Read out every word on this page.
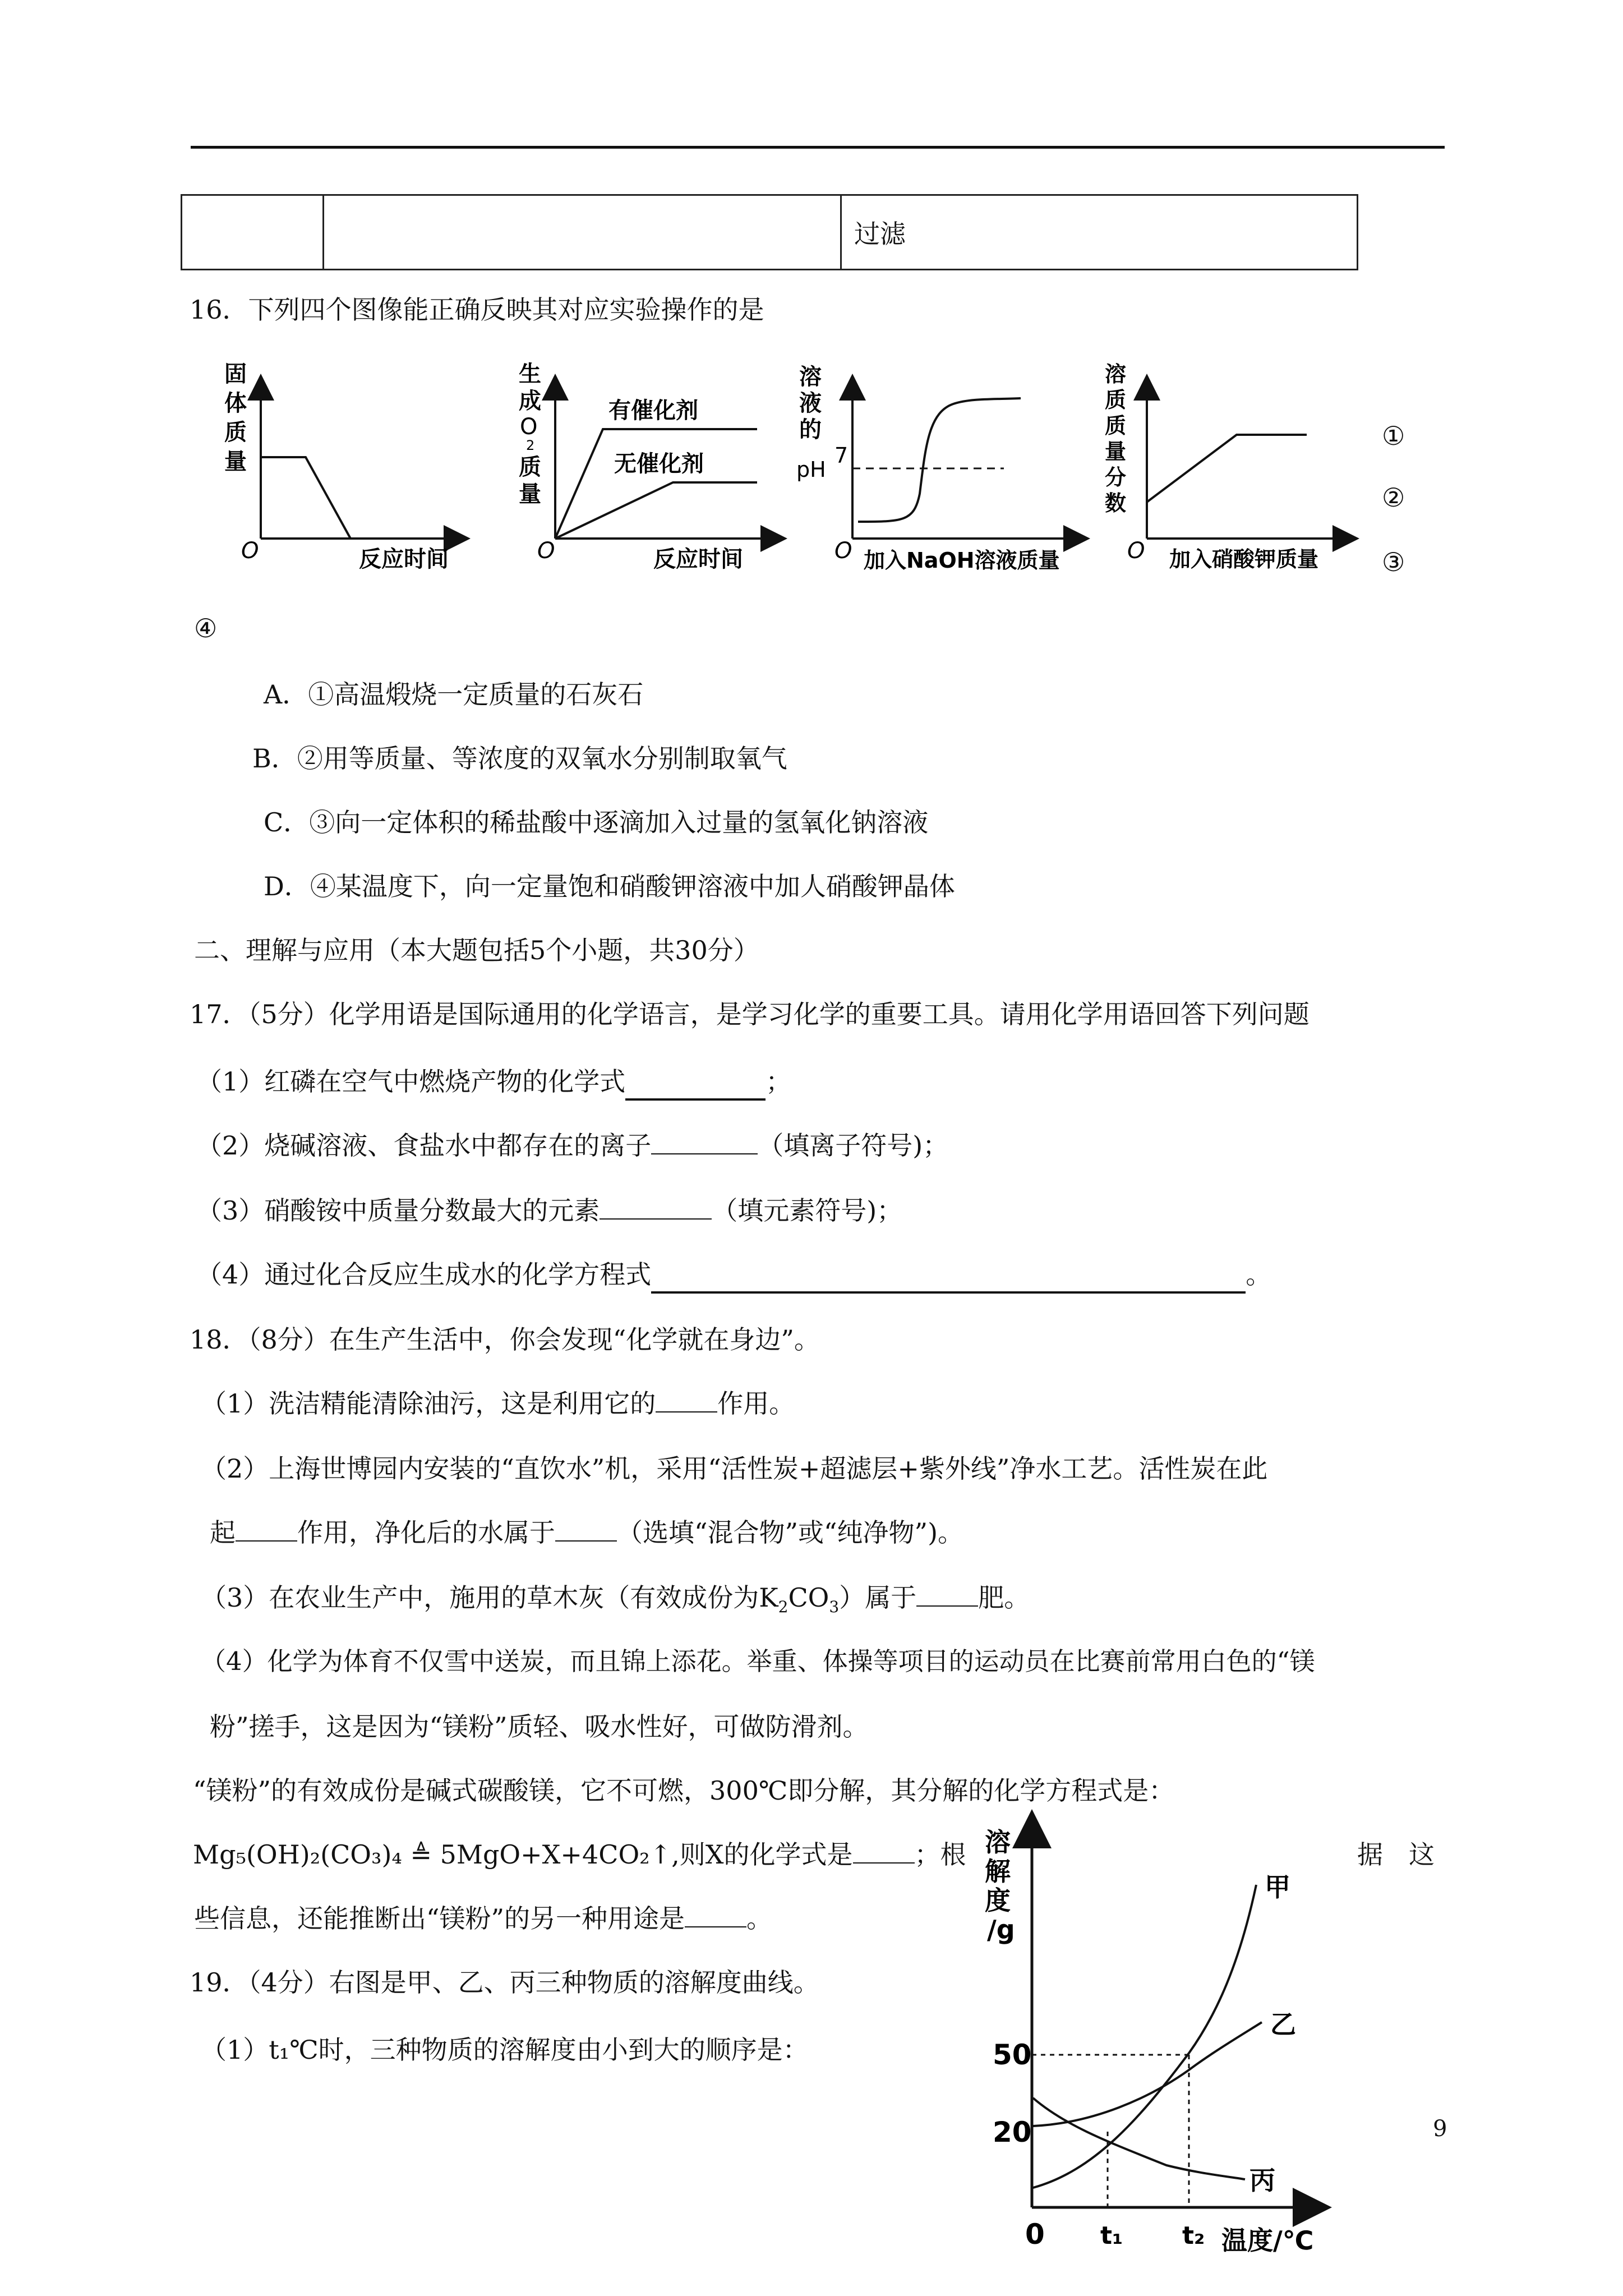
		过滤
16．下列四个图像能正确反映其对应实验操作的是
固
体
质
量
O	反应时间
生
成
O
2
质
量
O	反应时间
有催化剂
无催化剂
溶
液
的
pH
7
O 加入NaOH溶液质量
溶
质
质
量
分
数
O 加入硝酸钾质量
①
②
③
④
A．①高温煅烧一定质量的石灰石
B．②用等质量、等浓度的双氧水分别制取氧气
C．③向一定体积的稀盐酸中逐滴加入过量的氢氧化钠溶液
D．④某温度下，向一定量饱和硝酸钾溶液中加人硝酸钾晶体
二、理解与应用（本大题包括5个小题，共30分）
17．（5分）化学用语是国际通用的化学语言，是学习化学的重要工具。请用化学用语回答下列问题
（1）红磷在空气中燃烧产物的化学式	；
（2）烧碱溶液、食盐水中都存在的离子	（填离子符号)；
（3）硝酸铵中质量分数最大的元素	（填元素符号)；
（4）通过化合反应生成水的化学方程式	。
18．（8分）在生产生活中，你会发现“化学就在身边”。
（1）洗洁精能清除油污，这是利用它的 作用。
（2）上海世博园内安装的“直饮水”机，采用“活性炭+超滤层+紫外线”净水工艺。活性炭在此
起 作用，净化后的水属于 （选填“混合物”或“纯净物”)。
（3）在农业生产中，施用的草木灰（有效成份为$K_2CO_3$）属于 肥。
（4）化学为体育不仅雪中送炭，而且锦上添花。举重、体操等项目的运动员在比赛前常用白色的“镁
粉”搓手，这是因为“镁粉”质轻、吸水性好，可做防滑剂。
“镁粉”的有效成份是碱式碳酸镁，它不可燃，300℃即分解，其分解的化学方程式是：
Mg₅(OH)₂(CO₃)₄ ≜ 5MgO+X+4CO₂↑,则X的化学式是 ；根	据　这
些信息，还能推断出“镁粉”的另一种用途是 。
19．（4分）右图是甲、乙、丙三种物质的溶解度曲线。
（1）t₁℃时，三种物质的溶解度由小到大的顺序是：
溶
解
度
/g
50
20
0 t₁ t₂ 温度/℃
甲
乙
丙
9
